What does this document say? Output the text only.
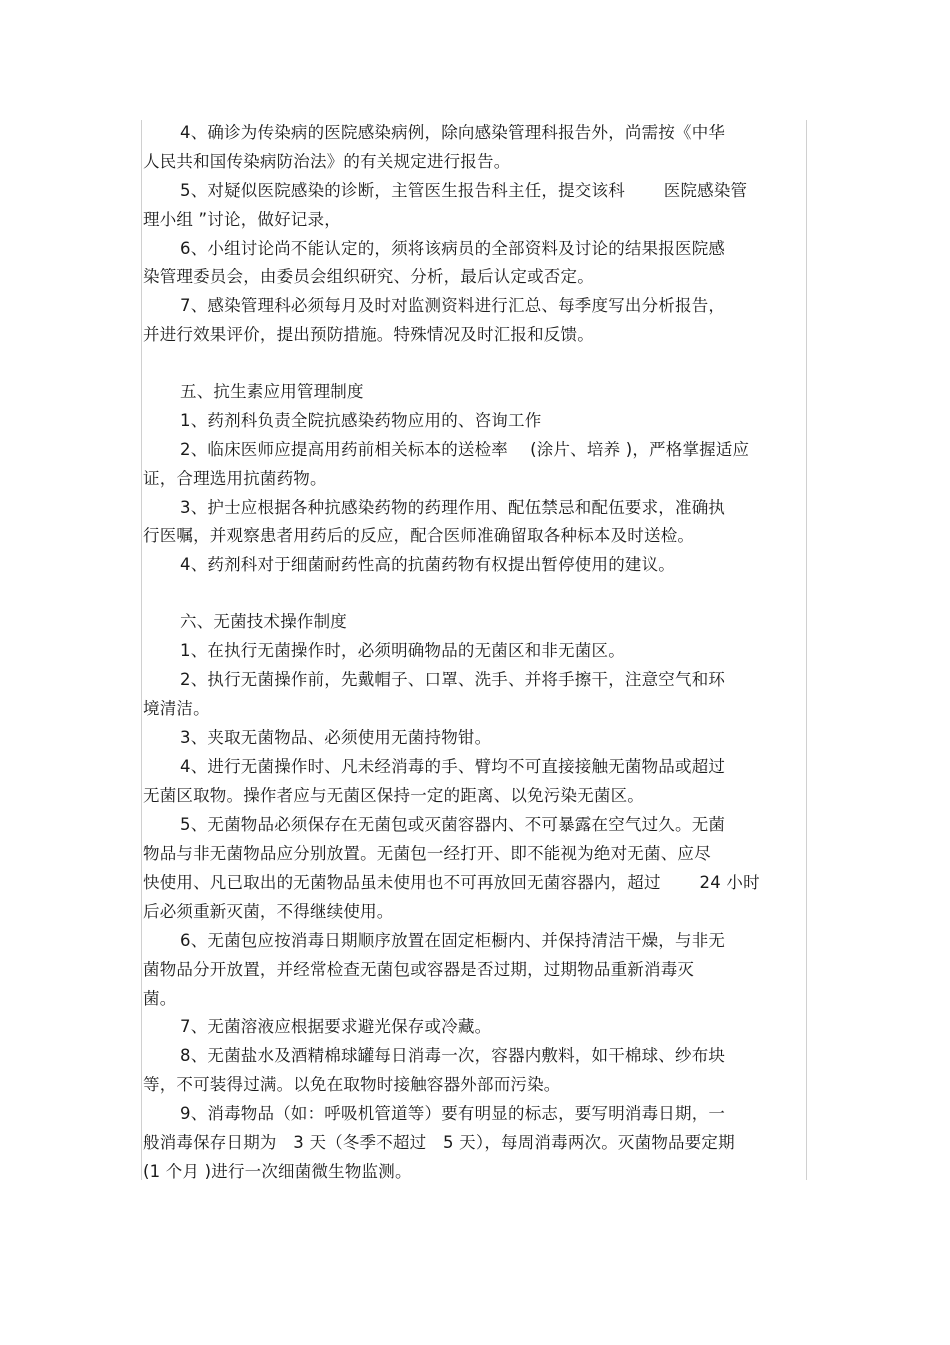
4、确诊为传染病的医院感染病例，除向感染管理科报告外，尚需按《中华
人民共和国传染病防治法》的有关规定进行报告。
5、对疑似医院感染的诊断，主管医生报告科主任，提交该科　　 医院感染管
理小组 ”讨论，做好记录，
6、小组讨论尚不能认定的，须将该病员的全部资料及讨论的结果报医院感
染管理委员会，由委员会组织研究、分析，最后认定或否定。
7、感染管理科必须每月及时对监测资料进行汇总、每季度写出分析报告，
并进行效果评价，提出预防措施。特殊情况及时汇报和反馈。
五、抗生素应用管理制度
1、药剂科负责全院抗感染药物应用的、咨询工作
2、临床医师应提高用药前相关标本的送检率　 (涂片、培养 )，严格掌握适应
证，合理选用抗菌药物。
3、护士应根据各种抗感染药物的药理作用、配伍禁忌和配伍要求，准确执
行医嘱，并观察患者用药后的反应，配合医师准确留取各种标本及时送检。
4、药剂科对于细菌耐药性高的抗菌药物有权提出暂停使用的建议。
六、无菌技术操作制度
1、在执行无菌操作时，必须明确物品的无菌区和非无菌区。
2、执行无菌操作前，先戴帽子、口罩、洗手、并将手擦干，注意空气和环
境清洁。
3、夹取无菌物品、必须使用无菌持物钳。
4、进行无菌操作时、凡未经消毒的手、臂均不可直接接触无菌物品或超过
无菌区取物。操作者应与无菌区保持一定的距离、以免污染无菌区。
5、无菌物品必须保存在无菌包或灭菌容器内、不可暴露在空气过久。无菌
物品与非无菌物品应分别放置。无菌包一经打开、即不能视为绝对无菌、应尽
快使用、凡已取出的无菌物品虽未使用也不可再放回无菌容器内，超过　　 24 小时
后必须重新灭菌，不得继续使用。
6、无菌包应按消毒日期顺序放置在固定柜橱内、并保持清洁干燥，与非无
菌物品分开放置，并经常检查无菌包或容器是否过期，过期物品重新消毒灭
菌。
7、无菌溶液应根据要求避光保存或冷藏。
8、无菌盐水及酒精棉球罐每日消毒一次，容器内敷料，如干棉球、纱布块
等，不可装得过满。以免在取物时接触容器外部而污染。
9、消毒物品（如：呼吸机管道等）要有明显的标志，要写明消毒日期，一
般消毒保存日期为　3 天（冬季不超过　5 天），每周消毒两次。灭菌物品要定期
(1 个月 )进行一次细菌微生物监测。
